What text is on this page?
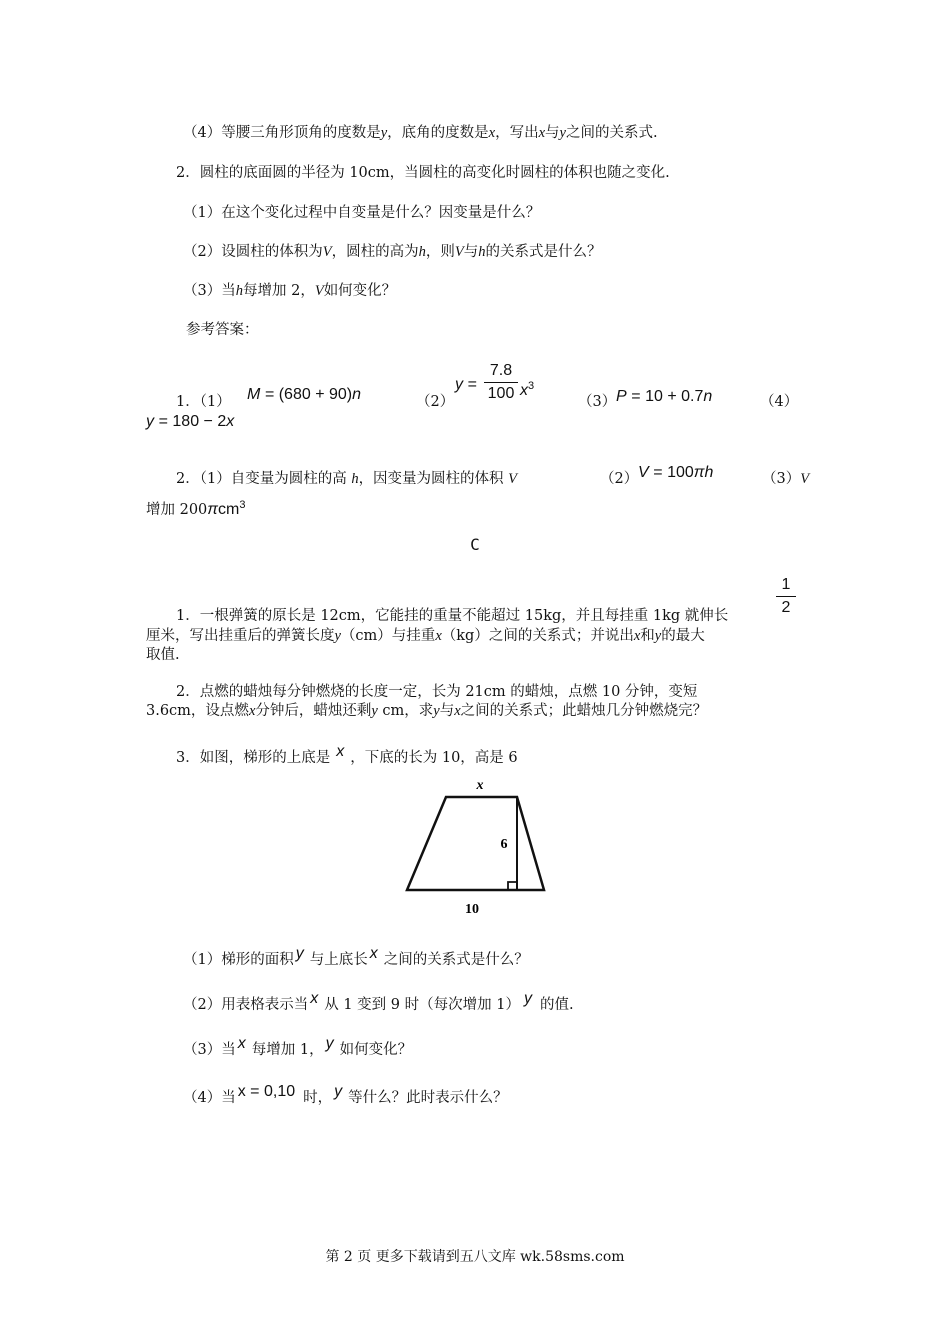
（4）等腰三角形顶角的度数是y，底角的度数是x，写出x与y之间的关系式.
2．圆柱的底面圆的半径为 10cm，当圆柱的高变化时圆柱的体积也随之变化.
（1）在这个变化过程中自变量是什么？因变量是什么？
（2）设圆柱的体积为V，圆柱的高为h，则V与h的关系式是什么？
（3）当h每增加 2，V如何变化？
参考答案：
1．（1） M = (680 + 90)n	（2）
y =
7.8
100 $x^3$
（3） P = 10 + 0.7n	（4）
y = 180 − 2x
2．（1）自变量为圆柱的高 h，因变量为圆柱的体积 V	（2） V = 100πh	（3）V
增加 200πcm$^3$
C
1．一根弹簧的原长是 12cm，它能挂的重量不能超过 15kg，并且每挂重 1kg 就伸长
1
2
厘米，写出挂重后的弹簧长度y（cm）与挂重x（kg）之间的关系式；并说出x和y的最大
取值.
2．点燃的蜡烛每分钟燃烧的长度一定，长为 21cm 的蜡烛，点燃 10 分钟，变短
3.6cm，设点燃x分钟后，蜡烛还剩y cm，求y与x之间的关系式；此蜡烛几分钟燃烧完？
3．如图，梯形的上底是 x ，下底的长为 10，高是 6
x
6
10
（1）梯形的面积 y 与上底长 x 之间的关系式是什么？
（2）用表格表示当 x 从 1 变到 9 时（每次增加 1） y 的值.
（3）当 x 每增加 1， y 如何变化？
（4）当 x = 0,10 时， y 等什么？此时表示什么？
第 2 页 更多下载请到五八文库 wk.58sms.com
